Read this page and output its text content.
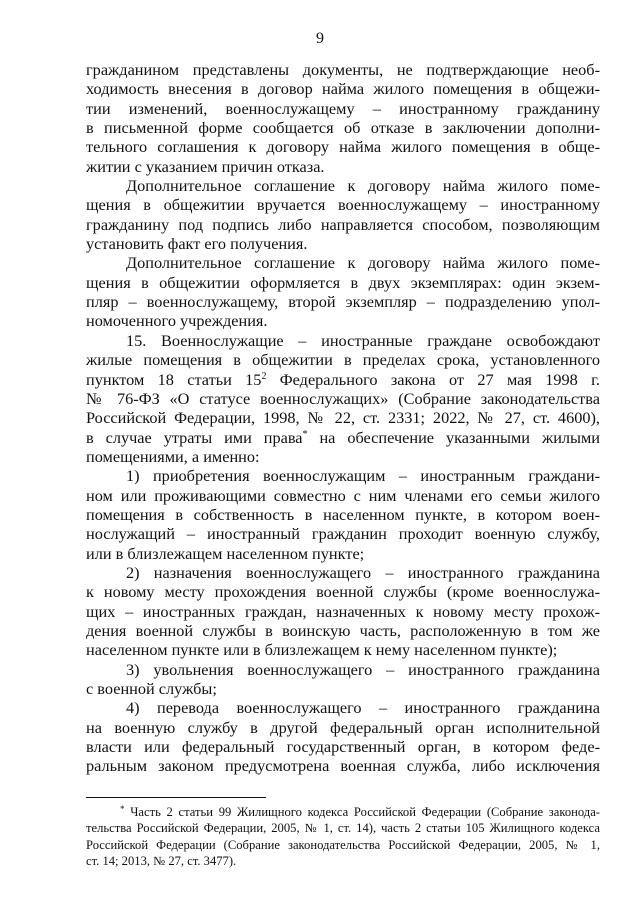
9
гражданином представлены документы, не подтверждающие необ-
ходимость внесения в договор найма жилого помещения в общежи-
тии изменений, военнослужащему – иностранному гражданину
в письменной форме сообщается об отказе в заключении дополни-
тельного соглашения к договору найма жилого помещения в обще-
житии с указанием причин отказа.
Дополнительное соглашение к договору найма жилого поме-
щения в общежитии вручается военнослужащему – иностранному
гражданину под подпись либо направляется способом, позволяющим
установить факт его получения.
Дополнительное соглашение к договору найма жилого поме-
щения в общежитии оформляется в двух экземплярах: один экзем-
пляр – военнослужащему, второй экземпляр – подразделению упол-
номоченного учреждения.
15. Военнослужащие – иностранные граждане освобождают
жилые помещения в общежитии в пределах срока, установленного
пунктом 18 статьи $15^2$ Федерального закона от 27 мая 1998 г.
№ 76-ФЗ «О статусе военнослужащих» (Собрание законодательства
Российской Федерации, 1998, № 22, ст. 2331; 2022, № 27, ст. 4600),
в случае утраты ими права* на обеспечение указанными жилыми
помещениями, а именно:
1) приобретения военнослужащим – иностранным граждани-
ном или проживающими совместно с ним членами его семьи жилого
помещения в собственность в населенном пункте, в котором воен-
нослужащий – иностранный гражданин проходит военную службу,
или в близлежащем населенном пункте;
2) назначения военнослужащего – иностранного гражданина
к новому месту прохождения военной службы (кроме военнослужа-
щих – иностранных граждан, назначенных к новому месту прохож-
дения военной службы в воинскую часть, расположенную в том же
населенном пункте или в близлежащем к нему населенном пункте);
3) увольнения военнослужащего – иностранного гражданина
с военной службы;
4) перевода военнослужащего – иностранного гражданина
на военную службу в другой федеральный орган исполнительной
власти или федеральный государственный орган, в котором феде-
ральным законом предусмотрена военная служба, либо исключения
* Часть 2 статьи 99 Жилищного кодекса Российской Федерации (Собрание законода-
тельства Российской Федерации, 2005, № 1, ст. 14), часть 2 статьи 105 Жилищного кодекса
Российской Федерации (Собрание законодательства Российской Федерации, 2005, № 1,
ст. 14; 2013, № 27, ст. 3477).
